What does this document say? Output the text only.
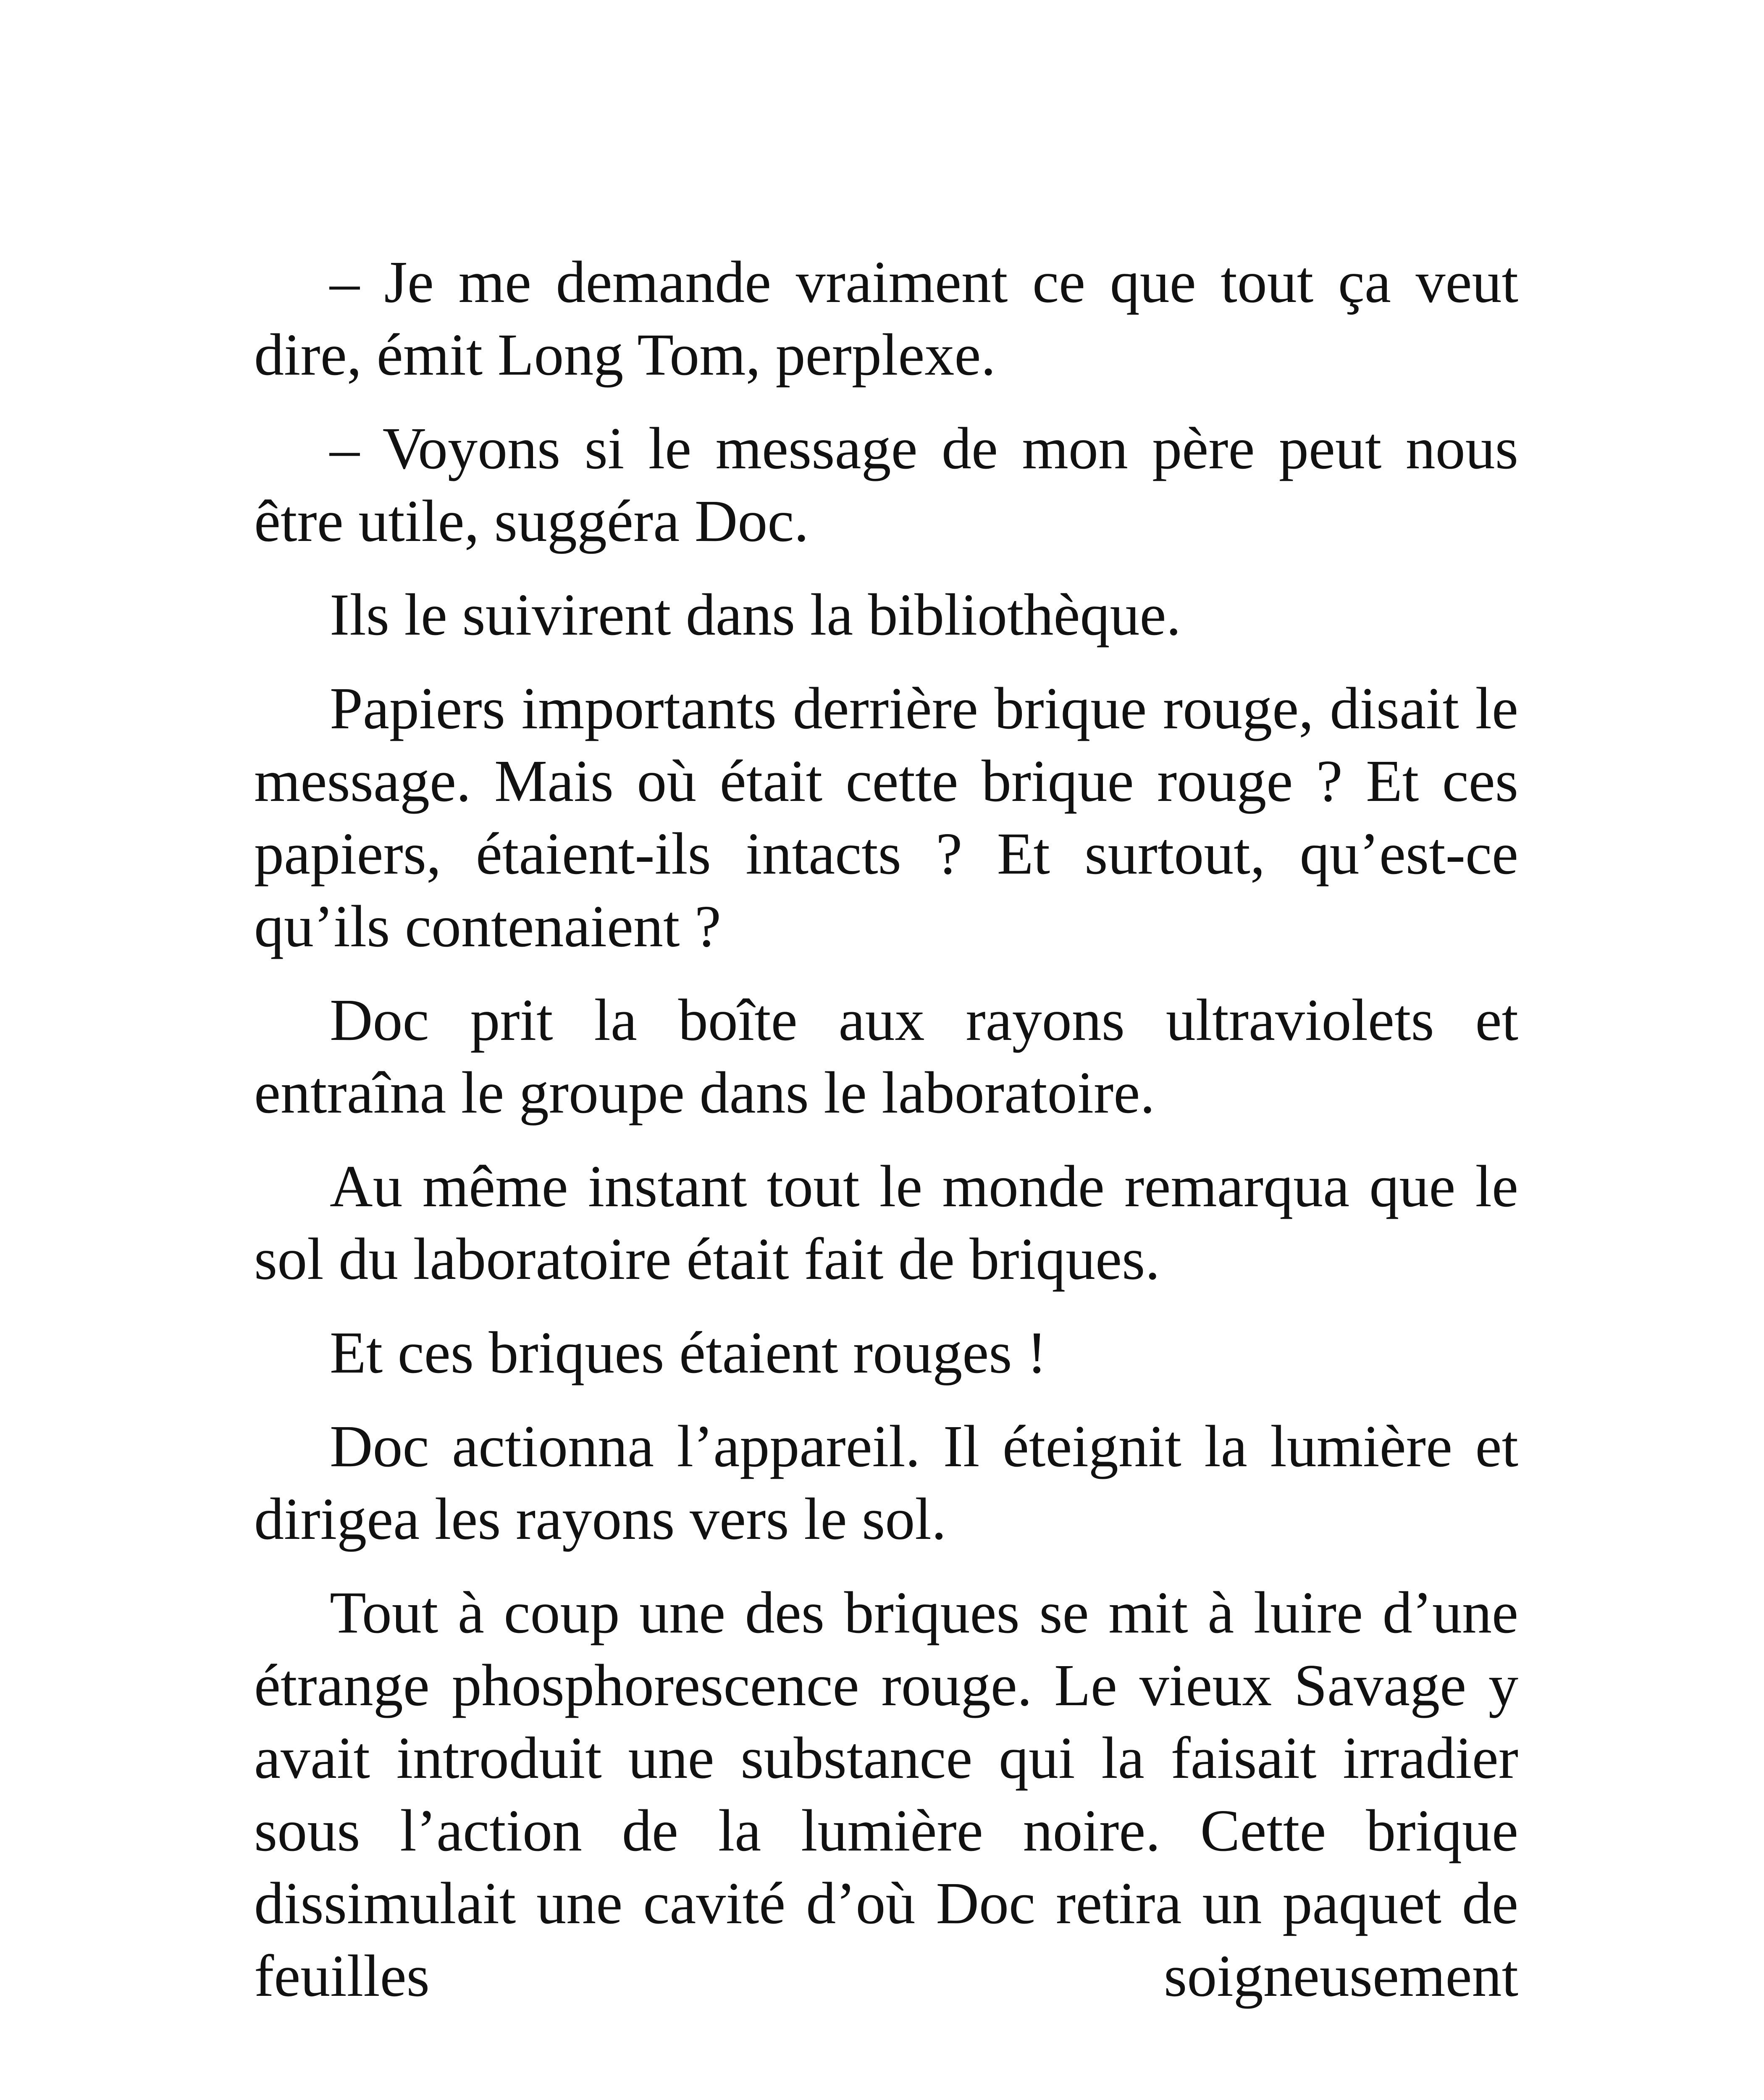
– Je me demande vraiment ce que tout ça veut dire, émit Long Tom, perplexe.

– Voyons si le message de mon père peut nous être utile, suggéra Doc.

Ils le suivirent dans la bibliothèque.

Papiers importants derrière brique rouge, disait le message. Mais où était cette brique rouge ? Et ces papiers, étaient-ils intacts ? Et surtout, qu’est-ce qu’ils contenaient ?

Doc prit la boîte aux rayons ultraviolets et entraîna le groupe dans le laboratoire.

Au même instant tout le monde remarqua que le sol du laboratoire était fait de briques.

Et ces briques étaient rouges !

Doc actionna l’appareil. Il éteignit la lumière et dirigea les rayons vers le sol.

Tout à coup une des briques se mit à luire d’une étrange phosphorescence rouge. Le vieux Savage y avait introduit une substance qui la faisait irradier sous l’action de la lumière noire. Cette brique dissimulait une cavité d’où Doc retira un paquet de feuilles soigneusement
